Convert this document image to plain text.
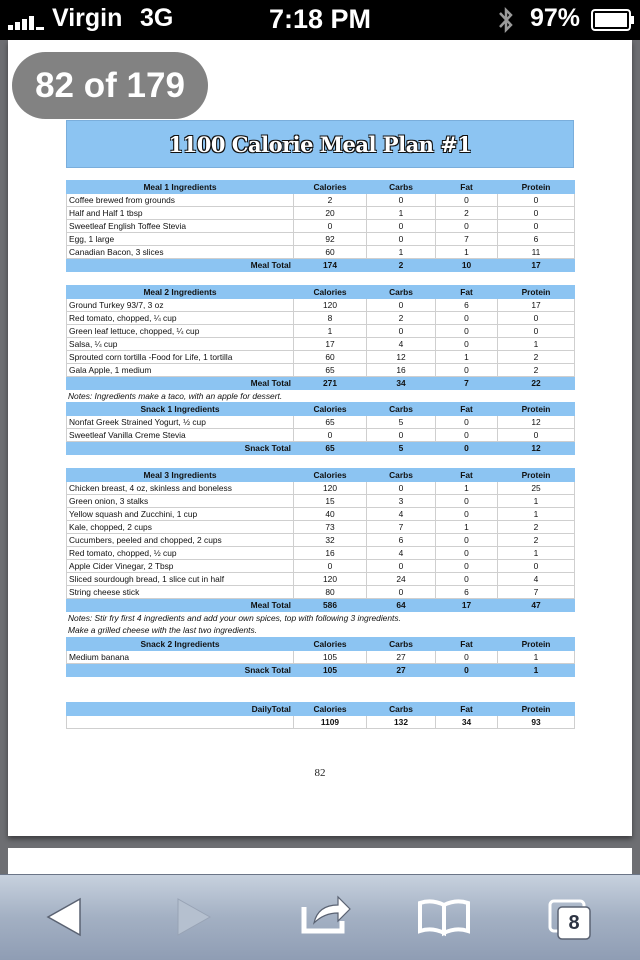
Virgin 3G	7:18 PM	97%
82 of 179
1100 Calorie Meal Plan #1
Meal 1 Ingredients	Calories	Carbs	Fat	Protein
Coffee brewed from grounds	2	0	0	0
Half and Half 1 tbsp	20	1	2	0
Sweetleaf English Toffee Stevia	0	0	0	0
Egg, 1 large	92	0	7	6
Canadian Bacon, 3 slices	60	1	1	11
Meal Total	174	2	10	17
Meal 2 Ingredients	Calories	Carbs	Fat	Protein
Ground Turkey 93/7, 3 oz	120	0	6	17
Red tomato, chopped, ¼ cup	8	2	0	0
Green leaf lettuce, chopped, ¼ cup	1	0	0	0
Salsa, ¼ cup	17	4	0	1
Sprouted corn tortilla -Food for Life, 1 tortilla	60	12	1	2
Gala Apple, 1 medium	65	16	0	2
Meal Total	271	34	7	22
Notes: Ingredients make a taco, with an apple for dessert.
Snack 1 Ingredients	Calories	Carbs	Fat	Protein
Nonfat Greek Strained Yogurt, ½ cup	65	5	0	12
Sweetleaf Vanilla Creme Stevia	0	0	0	0
Snack Total	65	5	0	12
Meal 3 Ingredients	Calories	Carbs	Fat	Protein
Chicken breast, 4 oz, skinless and boneless	120	0	1	25
Green onion, 3 stalks	15	3	0	1
Yellow squash and Zucchini, 1 cup	40	4	0	1
Kale, chopped, 2 cups	73	7	1	2
Cucumbers, peeled and chopped, 2 cups	32	6	0	2
Red tomato, chopped, ½ cup	16	4	0	1
Apple Cider Vinegar, 2 Tbsp	0	0	0	0
Sliced sourdough bread, 1 slice cut in half	120	24	0	4
String cheese stick	80	0	6	7
Meal Total	586	64	17	47
Notes: Stir fry first 4 ingredients and add your own spices, top with following 3 ingredients.
Make a grilled cheese with the last two ingredients.
Snack 2 Ingredients	Calories	Carbs	Fat	Protein
Medium banana	105	27	0	1
Snack Total	105	27	0	1
DailyTotal	Calories	Carbs	Fat	Protein
	1109	132	34	93
82
8
